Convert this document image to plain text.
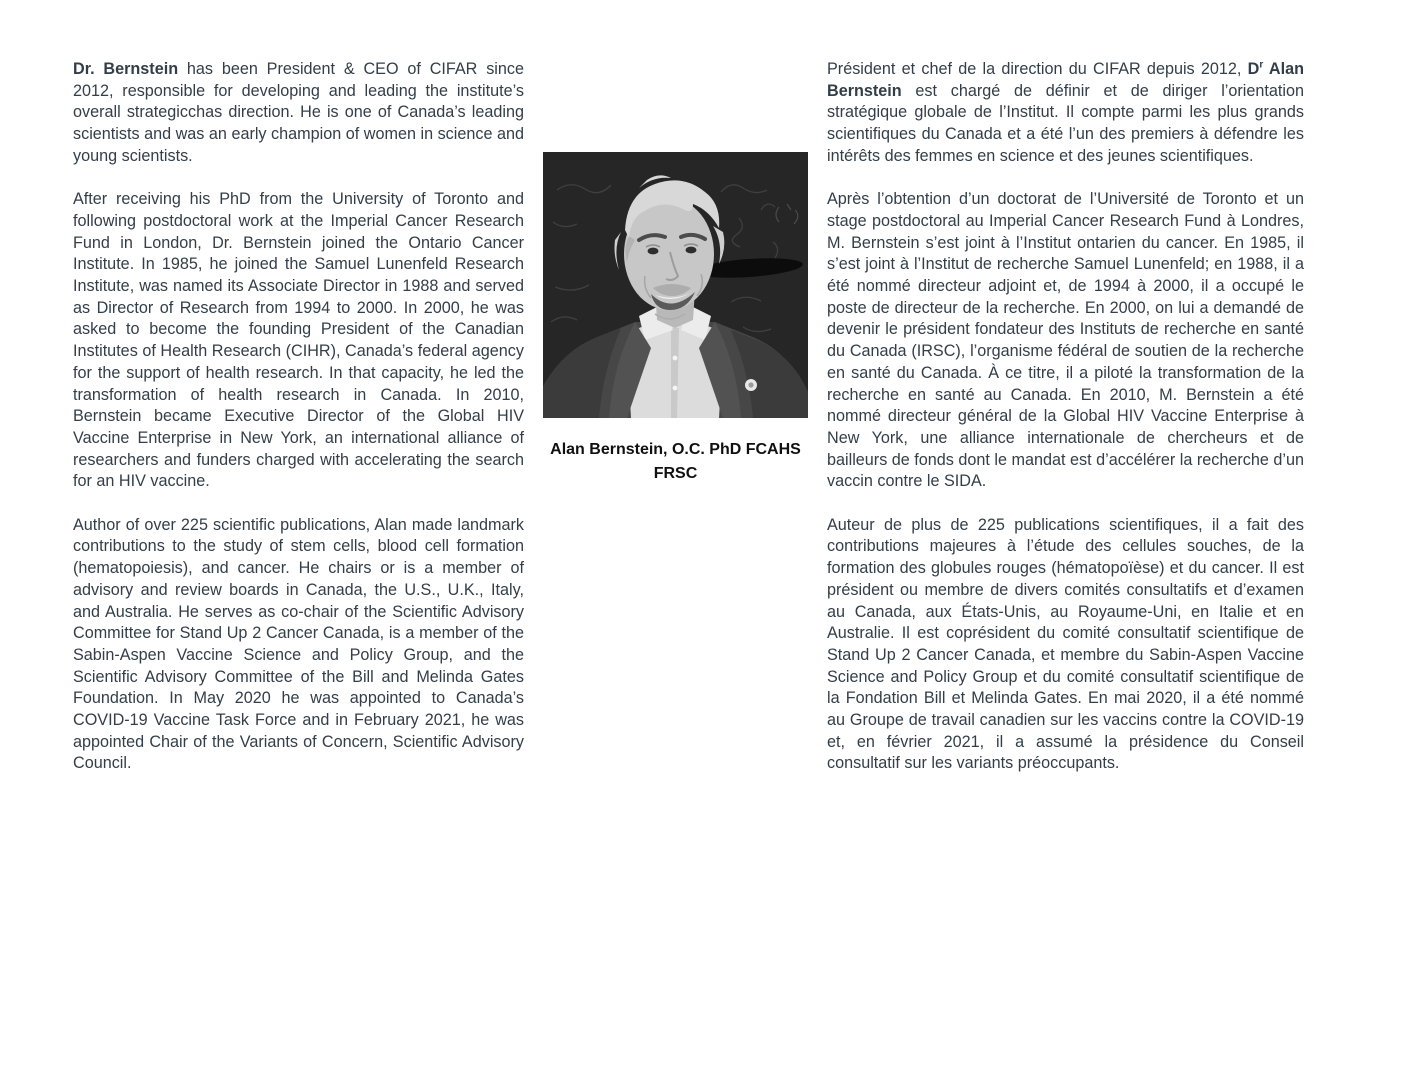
Dr. Bernstein has been President & CEO of CIFAR since 2012, responsible for developing and leading the institute’s overall strategicchas direction. He is one of Canada’s leading scientists and was an early champion of women in science and young scientists.

After receiving his PhD from the University of Toronto and following postdoctoral work at the Imperial Cancer Research Fund in London, Dr. Bernstein joined the Ontario Cancer Institute. In 1985, he joined the Samuel Lunenfeld Research Institute, was named its Associate Director in 1988 and served as Director of Research from 1994 to 2000. In 2000, he was asked to become the founding President of the Canadian Institutes of Health Research (CIHR), Canada’s federal agency for the support of health research. In that capacity, he led the transformation of health research in Canada. In 2010, Bernstein became Executive Director of the Global HIV Vaccine Enterprise in New York, an international alliance of researchers and funders charged with accelerating the search for an HIV vaccine.

Author of over 225 scientific publications, Alan made landmark contributions to the study of stem cells, blood cell formation (hematopoiesis), and cancer. He chairs or is a member of advisory and review boards in Canada, the U.S., U.K., Italy, and Australia. He serves as co-chair of the Scientific Advisory Committee for Stand Up 2 Cancer Canada, is a member of the Sabin-Aspen Vaccine Science and Policy Group, and the Scientific Advisory Committee of the Bill and Melinda Gates Foundation. In May 2020 he was appointed to Canada’s COVID-19 Vaccine Task Force and in February 2021, he was appointed Chair of the Variants of Concern, Scientific Advisory Council.

Alan Bernstein, O.C. PhD FCAHS
FRSC

Président et chef de la direction du CIFAR depuis 2012, $D^r$ Alan Bernstein est chargé de définir et de diriger l’orientation stratégique globale de l’Institut. Il compte parmi les plus grands scientifiques du Canada et a été l’un des premiers à défendre les intérêts des femmes en science et des jeunes scientifiques.

Après l’obtention d’un doctorat de l’Université de Toronto et un stage postdoctoral au Imperial Cancer Research Fund à Londres, M. Bernstein s’est joint à l’Institut ontarien du cancer. En 1985, il s’est joint à l’Institut de recherche Samuel Lunenfeld; en 1988, il a été nommé directeur adjoint et, de 1994 à 2000, il a occupé le poste de directeur de la recherche. En 2000, on lui a demandé de devenir le président fondateur des Instituts de recherche en santé du Canada (IRSC), l’organisme fédéral de soutien de la recherche en santé du Canada. À ce titre, il a piloté la transformation de la recherche en santé au Canada. En 2010, M. Bernstein a été nommé directeur général de la Global HIV Vaccine Enterprise à New York, une alliance internationale de chercheurs et de bailleurs de fonds dont le mandat est d’accélérer la recherche d’un vaccin contre le SIDA.

Auteur de plus de 225 publications scientifiques, il a fait des contributions majeures à l’étude des cellules souches, de la formation des globules rouges (hématopoïèse) et du cancer. Il est président ou membre de divers comités consultatifs et d’examen au Canada, aux États-Unis, au Royaume-Uni, en Italie et en Australie. Il est coprésident du comité consultatif scientifique de Stand Up 2 Cancer Canada, et membre du Sabin-Aspen Vaccine Science and Policy Group et du comité consultatif scientifique de la Fondation Bill et Melinda Gates. En mai 2020, il a été nommé au Groupe de travail canadien sur les vaccins contre la COVID-19 et, en février 2021, il a assumé la présidence du Conseil consultatif sur les variants préoccupants.
